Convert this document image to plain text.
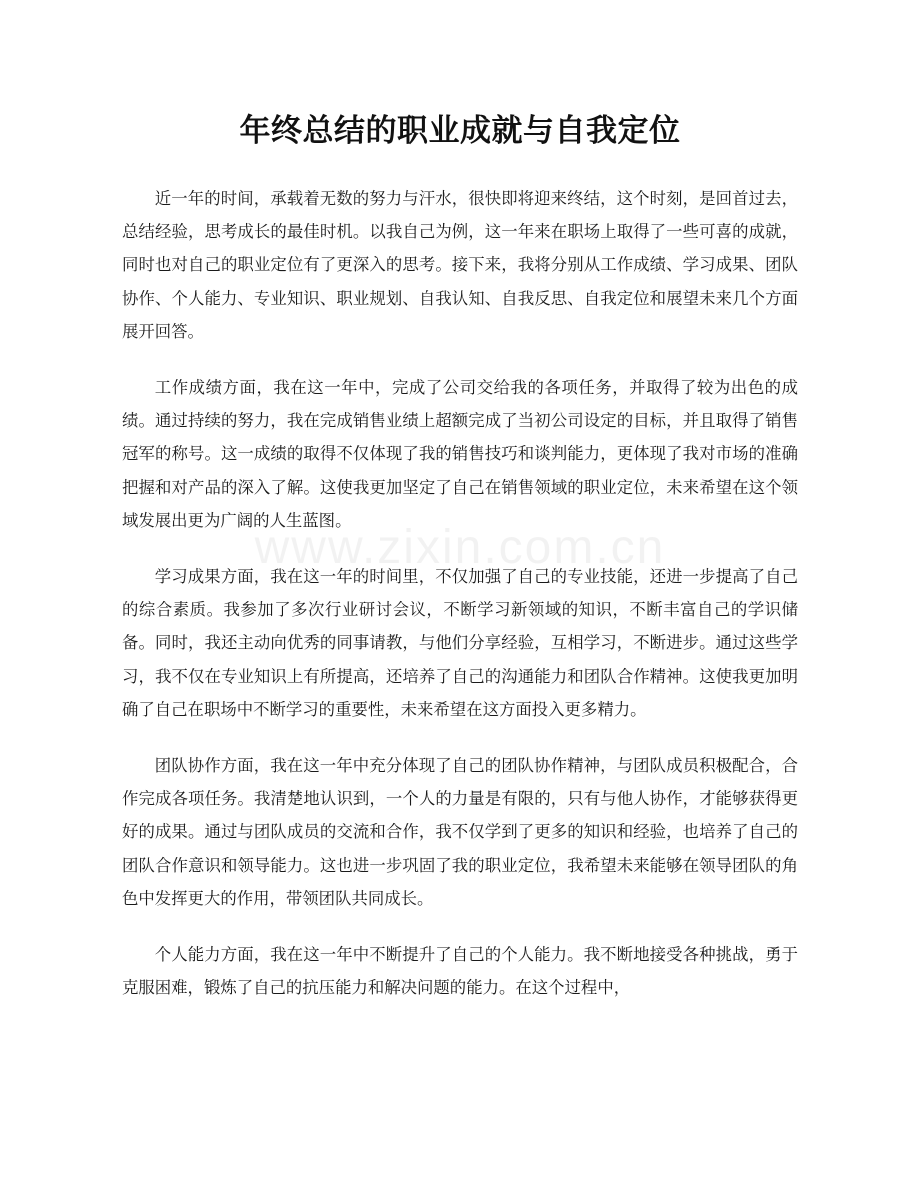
www.zixin.com.cn
年终总结的职业成就与自我定位

近一年的时间，承载着无数的努力与汗水，很快即将迎来终结，这个时刻，是回首过去，总结经验，思考成长的最佳时机。以我自己为例，这一年来在职场上取得了一些可喜的成就，同时也对自己的职业定位有了更深入的思考。接下来，我将分别从工作成绩、学习成果、团队协作、个人能力、专业知识、职业规划、自我认知、自我反思、自我定位和展望未来几个方面展开回答。

工作成绩方面，我在这一年中，完成了公司交给我的各项任务，并取得了较为出色的成绩。通过持续的努力，我在完成销售业绩上超额完成了当初公司设定的目标，并且取得了销售冠军的称号。这一成绩的取得不仅体现了我的销售技巧和谈判能力，更体现了我对市场的准确把握和对产品的深入了解。这使我更加坚定了自己在销售领域的职业定位，未来希望在这个领域发展出更为广阔的人生蓝图。

学习成果方面，我在这一年的时间里，不仅加强了自己的专业技能，还进一步提高了自己的综合素质。我参加了多次行业研讨会议，不断学习新领域的知识，不断丰富自己的学识储备。同时，我还主动向优秀的同事请教，与他们分享经验，互相学习，不断进步。通过这些学习，我不仅在专业知识上有所提高，还培养了自己的沟通能力和团队合作精神。这使我更加明确了自己在职场中不断学习的重要性，未来希望在这方面投入更多精力。

团队协作方面，我在这一年中充分体现了自己的团队协作精神，与团队成员积极配合，合作完成各项任务。我清楚地认识到，一个人的力量是有限的，只有与他人协作，才能够获得更好的成果。通过与团队成员的交流和合作，我不仅学到了更多的知识和经验，也培养了自己的团队合作意识和领导能力。这也进一步巩固了我的职业定位，我希望未来能够在领导团队的角色中发挥更大的作用，带领团队共同成长。

个人能力方面，我在这一年中不断提升了自己的个人能力。我不断地接受各种挑战，勇于克服困难，锻炼了自己的抗压能力和解决问题的能力。在这个过程中，
